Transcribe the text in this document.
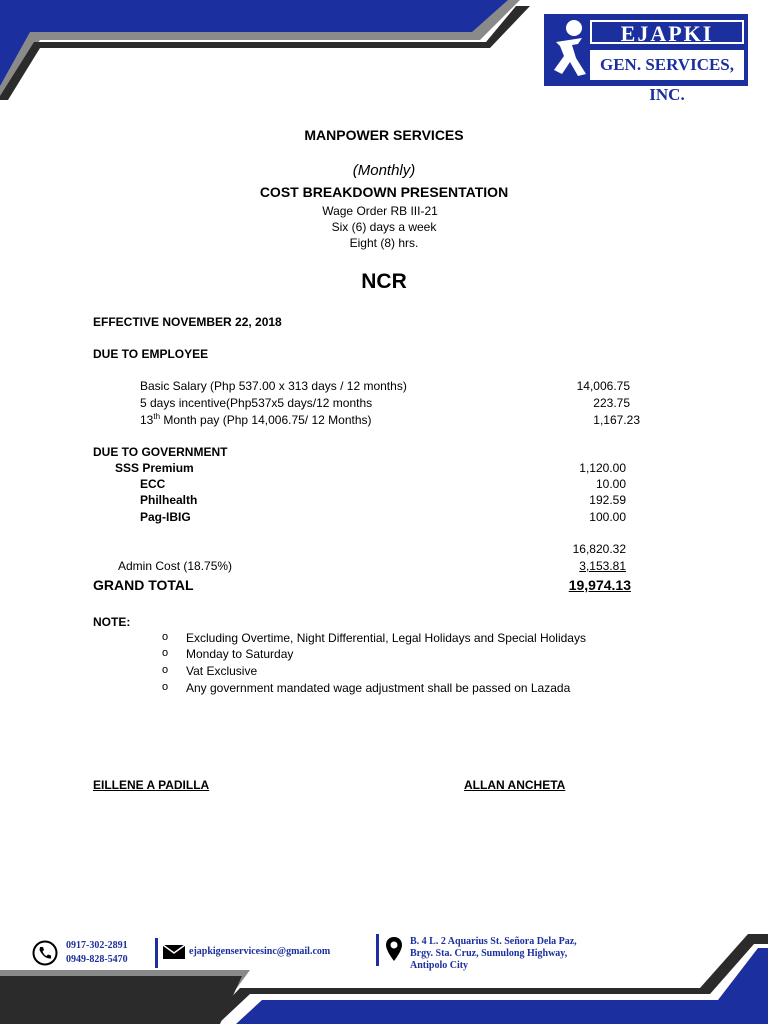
EJAPKI
GEN. SERVICES, INC.
MANPOWER SERVICES
(Monthly)
COST BREAKDOWN PRESENTATION
Wage Order RB III-21
Six (6) days a week
Eight (8) hrs.
NCR
EFFECTIVE NOVEMBER 22, 2018
DUE TO EMPLOYEE
Basic Salary (Php 537.00 x 313 days / 12 months)	14,006.75
5 days incentive(Php537x5 days/12 months	223.75
13th Month pay (Php 14,006.75/ 12 Months)	1,167.23
DUE TO GOVERNMENT
SSS Premium	1,120.00
ECC	10.00
Philhealth	192.59
Pag-IBIG	100.00
16,820.32
Admin Cost (18.75%)	3,153.81
GRAND TOTAL	19,974.13
NOTE:
o Excluding Overtime, Night Differential, Legal Holidays and Special Holidays
o Monday to Saturday
o Vat Exclusive
o Any government mandated wage adjustment shall be passed on Lazada
EILLENE A PADILLA	ALLAN ANCHETA
0917-302-2891
0949-828-5470
ejapkigenservicesinc@gmail.com
B. 4 L. 2 Aquarius St. Señora Dela Paz,
Brgy. Sta. Cruz, Sumulong Highway,
Antipolo City
